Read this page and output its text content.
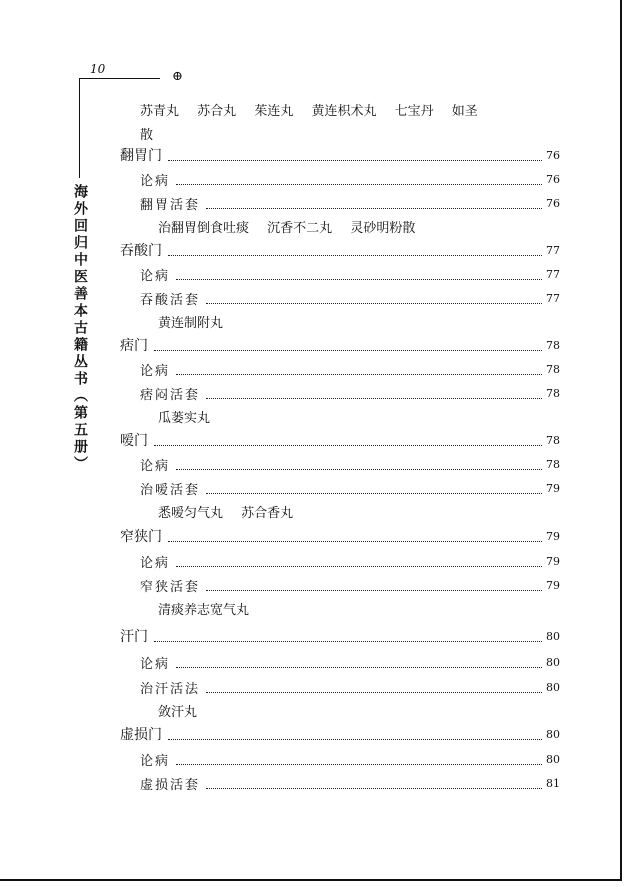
10	⊕
海外回归中医善本古籍丛书（第五册）
苏青丸 苏合丸 茱连丸 黄连枳术丸 七宝丹 如圣
散
翻胃门	76
论病	76
翻胃活套	76
治翻胃倒食吐痰 沉香不二丸 灵砂明粉散
吞酸门	77
论病	77
吞酸活套	77
黄连制附丸
痞门	78
论病	78
痞闷活套	78
瓜蒌实丸
嗳门	78
论病	78
治嗳活套	79
悉嗳匀气丸 苏合香丸
窄狭门	79
论病	79
窄狭活套	79
清痰养志宽气丸
汗门	80
论病	80
治汗活法	80
敛汗丸
虚损门	80
论病	80
虚损活套	81
